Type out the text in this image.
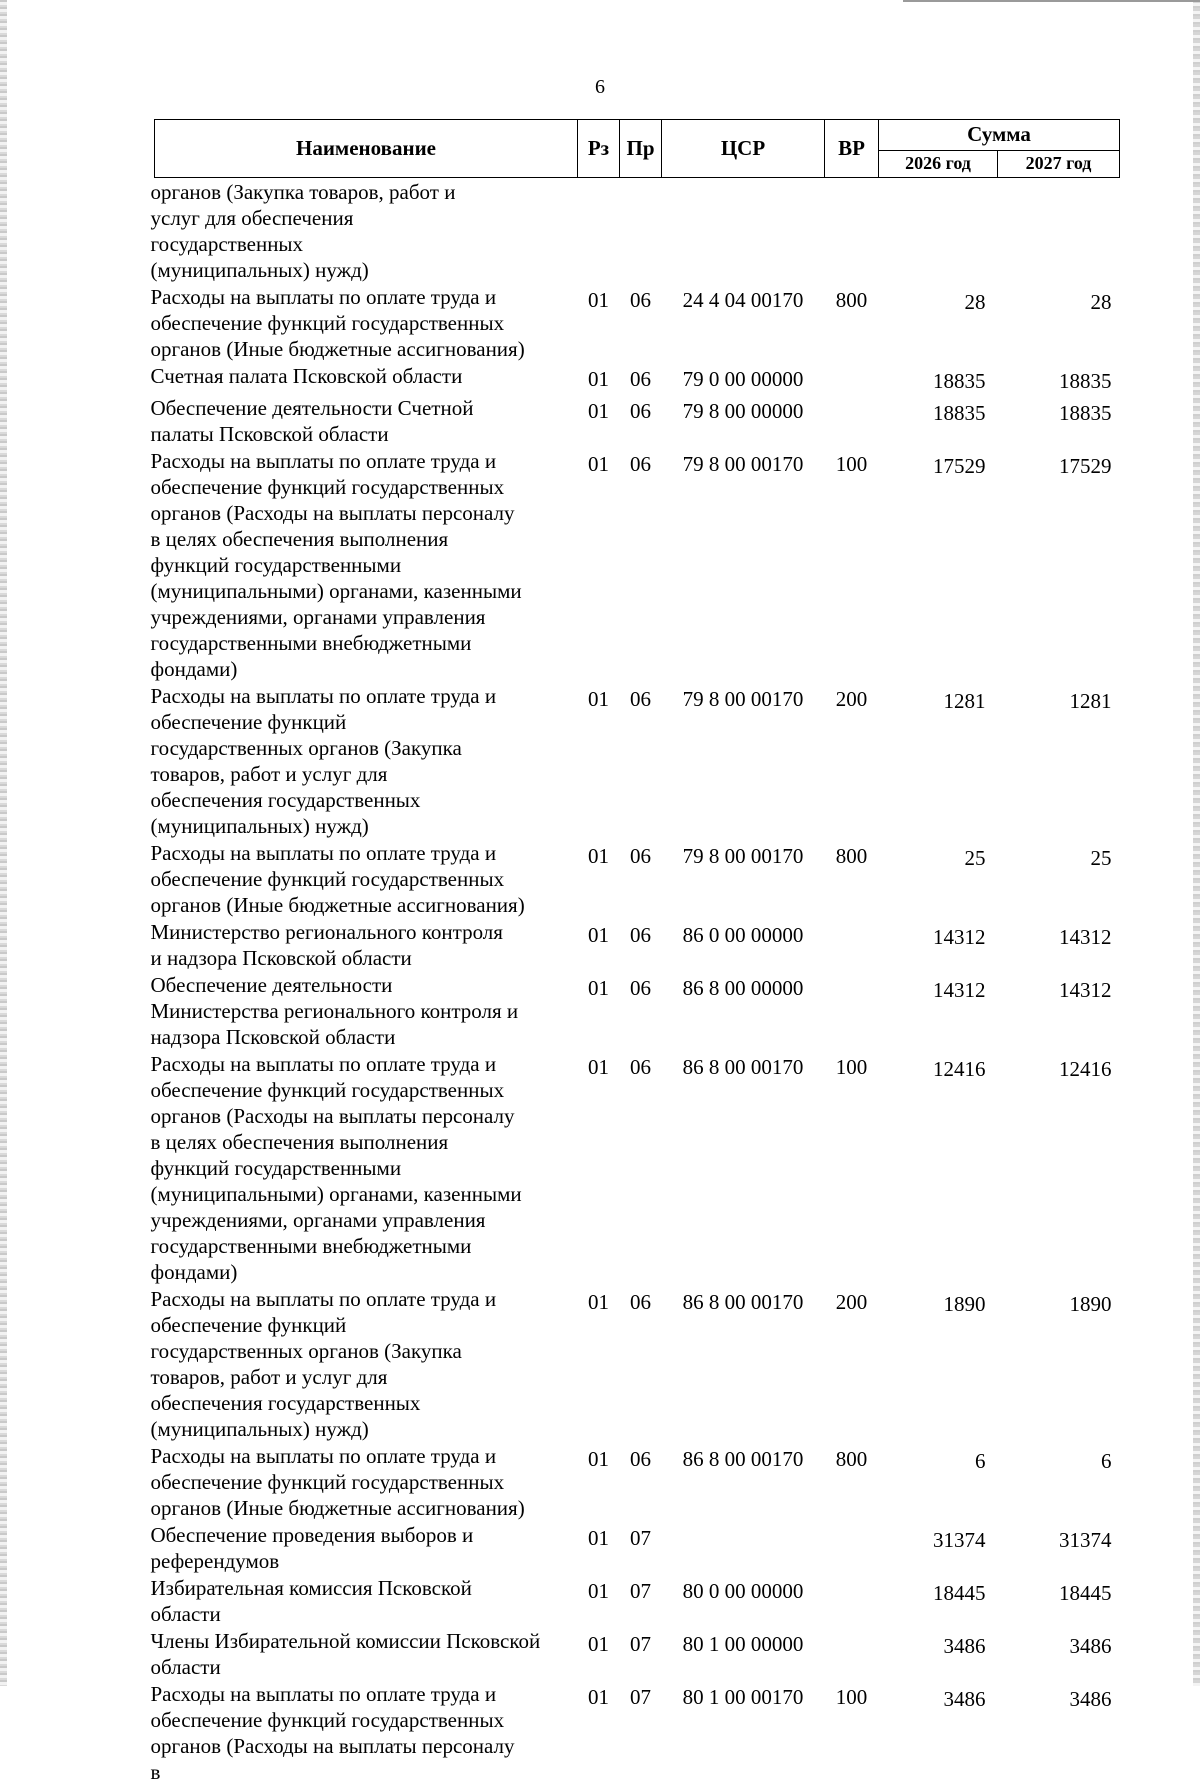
6
Наименование	Рз	Пр	ЦСР	ВР	Сумма	
					2026 год	2027 год

органов (Закупка товаров, работ и услуг для обеспечения государственных (муниципальных) нужд)						

Расходы на выплаты по оплате труда и обеспечение функций государственных органов (Иные бюджетные ассигнования)	01	06	24 4 04 00170	800	28	28

Счетная палата Псковской области	01	06	79 0 00 00000		18835	18835

Обеспечение деятельности Счетной палаты Псковской области	01	06	79 8 00 00000		18835	18835

Расходы на выплаты по оплате труда и обеспечение функций государственных органов (Расходы на выплаты персоналу в целях обеспечения выполнения функций государственными (муниципальными) органами, казенными учреждениями, органами управления государственными внебюджетными фондами)	01	06	79 8 00 00170	100	17529	17529

Расходы на выплаты по оплате труда и обеспечение функций государственных органов (Закупка товаров, работ и услуг для обеспечения государственных (муниципальных) нужд)	01	06	79 8 00 00170	200	1281	1281

Расходы на выплаты по оплате труда и обеспечение функций государственных органов (Иные бюджетные ассигнования)	01	06	79 8 00 00170	800	25	25

Министерство регионального контроля и надзора Псковской области	01	06	86 0 00 00000		14312	14312

Обеспечение деятельности Министерства регионального контроля и надзора Псковской области	01	06	86 8 00 00000		14312	14312

Расходы на выплаты по оплате труда и обеспечение функций государственных органов (Расходы на выплаты персоналу в целях обеспечения выполнения функций государственными (муниципальными) органами, казенными учреждениями, органами управления государственными внебюджетными фондами)	01	06	86 8 00 00170	100	12416	12416

Расходы на выплаты по оплате труда и обеспечение функций государственных органов (Закупка товаров, работ и услуг для обеспечения государственных (муниципальных) нужд)	01	06	86 8 00 00170	200	1890	1890

Расходы на выплаты по оплате труда и обеспечение функций государственных органов (Иные бюджетные ассигнования)	01	06	86 8 00 00170	800	6	6

Обеспечение проведения выборов и референдумов	01	07			31374	31374

Избирательная комиссия Псковской области	01	07	80 0 00 00000		18445	18445

Члены Избирательной комиссии Псковской области	01	07	80 1 00 00000		3486	3486

Расходы на выплаты по оплате труда и обеспечение функций государственных органов (Расходы на выплаты персоналу в	01	07	80 1 00 00170	100	3486	3486
